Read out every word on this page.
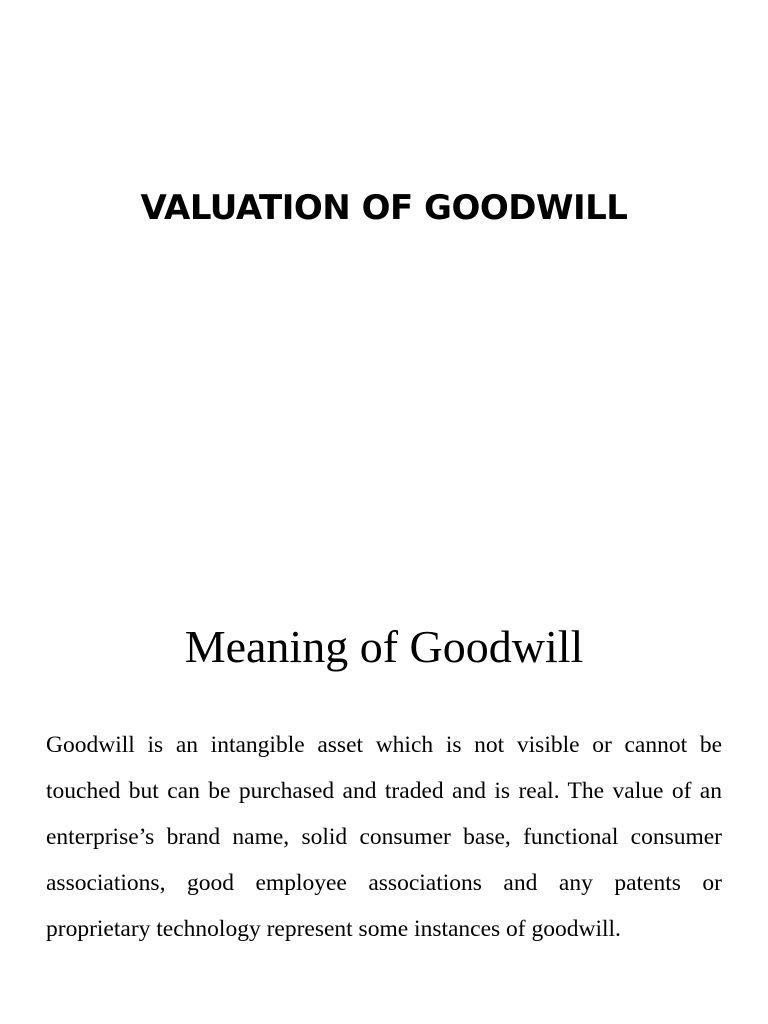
VALUATION OF GOODWILL
Meaning of Goodwill

Goodwill is an intangible asset which is not visible or cannot be touched but can be purchased and traded and is real. The value of an enterprise’s brand name, solid consumer base, functional consumer associations, good employee associations and any patents or proprietary technology represent some instances of goodwill.
